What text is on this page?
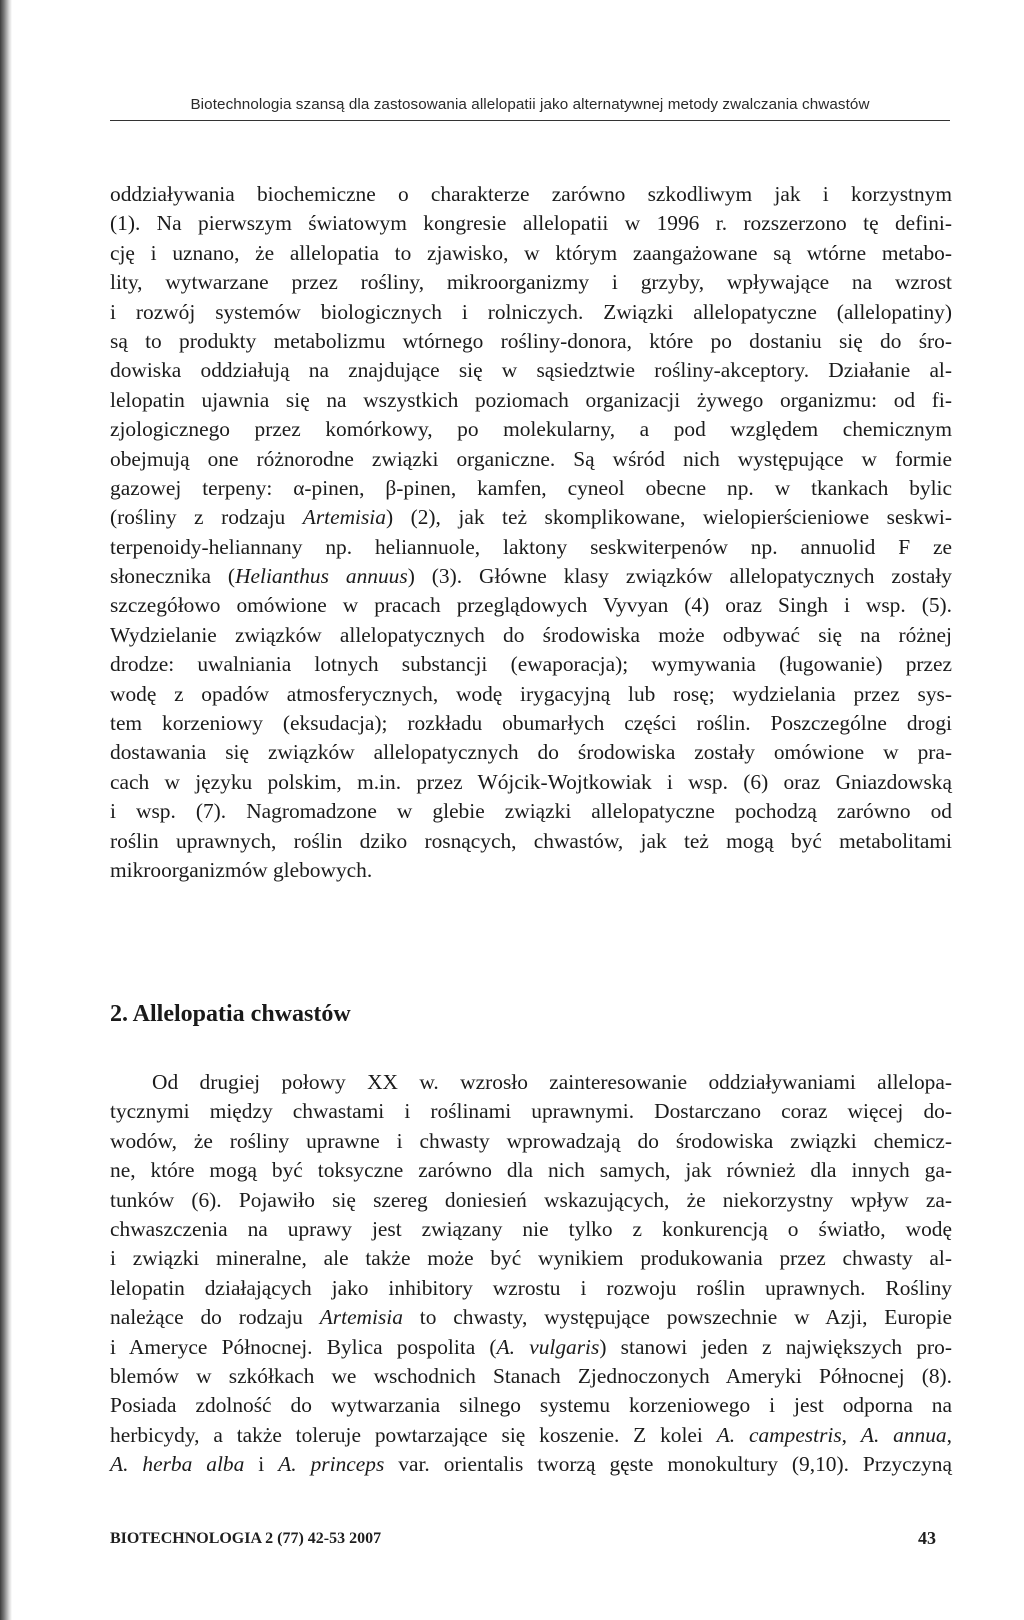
Biotechnologia szansą dla zastosowania allelopatii jako alternatywnej metody zwalczania chwastów
oddziaływania biochemiczne o charakterze zarówno szkodliwym jak i korzystnym
(1). Na pierwszym światowym kongresie allelopatii w 1996 r. rozszerzono tę defini-
cję i uznano, że allelopatia to zjawisko, w którym zaangażowane są wtórne metabo-
lity, wytwarzane przez rośliny, mikroorganizmy i grzyby, wpływające na wzrost
i rozwój systemów biologicznych i rolniczych. Związki allelopatyczne (allelopatiny)
są to produkty metabolizmu wtórnego rośliny-donora, które po dostaniu się do śro-
dowiska oddziałują na znajdujące się w sąsiedztwie rośliny-akceptory. Działanie al-
lelopatin ujawnia się na wszystkich poziomach organizacji żywego organizmu: od fi-
zjologicznego przez komórkowy, po molekularny, a pod względem chemicznym
obejmują one różnorodne związki organiczne. Są wśród nich występujące w formie
gazowej terpeny: α-pinen, β-pinen, kamfen, cyneol obecne np. w tkankach bylic
(rośliny z rodzaju Artemisia) (2), jak też skomplikowane, wielopierścieniowe seskwi-
terpenoidy-heliannany np. heliannuole, laktony seskwiterpenów np. annuolid F ze
słonecznika (Helianthus annuus) (3). Główne klasy związków allelopatycznych zostały
szczegółowo omówione w pracach przeglądowych Vyvyan (4) oraz Singh i wsp. (5).
Wydzielanie związków allelopatycznych do środowiska może odbywać się na różnej
drodze: uwalniania lotnych substancji (ewaporacja); wymywania (ługowanie) przez
wodę z opadów atmosferycznych, wodę irygacyjną lub rosę; wydzielania przez sys-
tem korzeniowy (eksudacja); rozkładu obumarłych części roślin. Poszczególne drogi
dostawania się związków allelopatycznych do środowiska zostały omówione w pra-
cach w języku polskim, m.in. przez Wójcik-Wojtkowiak i wsp. (6) oraz Gniazdowską
i wsp. (7). Nagromadzone w glebie związki allelopatyczne pochodzą zarówno od
roślin uprawnych, roślin dziko rosnących, chwastów, jak też mogą być metabolitami
mikroorganizmów glebowych.
2. Allelopatia chwastów
Od drugiej połowy XX w. wzrosło zainteresowanie oddziaływaniami allelopa-
tycznymi między chwastami i roślinami uprawnymi. Dostarczano coraz więcej do-
wodów, że rośliny uprawne i chwasty wprowadzają do środowiska związki chemicz-
ne, które mogą być toksyczne zarówno dla nich samych, jak również dla innych ga-
tunków (6). Pojawiło się szereg doniesień wskazujących, że niekorzystny wpływ za-
chwaszczenia na uprawy jest związany nie tylko z konkurencją o światło, wodę
i związki mineralne, ale także może być wynikiem produkowania przez chwasty al-
lelopatin działających jako inhibitory wzrostu i rozwoju roślin uprawnych. Rośliny
należące do rodzaju Artemisia to chwasty, występujące powszechnie w Azji, Europie
i Ameryce Północnej. Bylica pospolita (A. vulgaris) stanowi jeden z największych pro-
blemów w szkółkach we wschodnich Stanach Zjednoczonych Ameryki Północnej (8).
Posiada zdolność do wytwarzania silnego systemu korzeniowego i jest odporna na
herbicydy, a także toleruje powtarzające się koszenie. Z kolei A. campestris, A. annua,
A. herba alba i A. princeps var. orientalis tworzą gęste monokultury (9,10). Przyczyną
BIOTECHNOLOGIA 2 (77) 42-53 2007	43
